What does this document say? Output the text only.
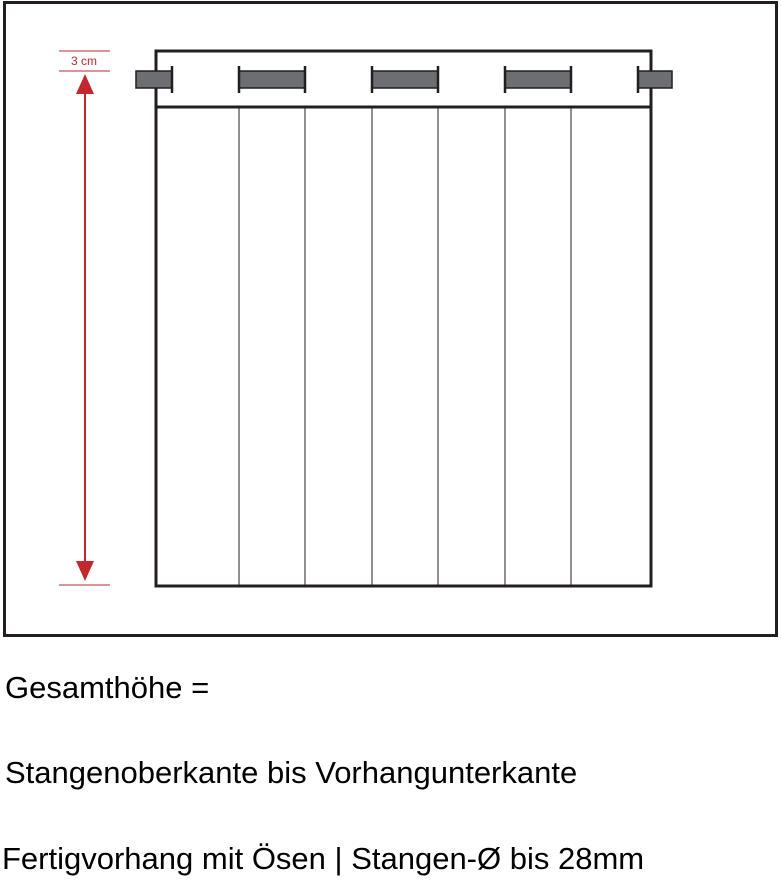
3 cm

Gesamthöhe =

Stangenoberkante bis Vorhangunterkante

Fertigvorhang mit Ösen | Stangen-Ø bis 28mm
